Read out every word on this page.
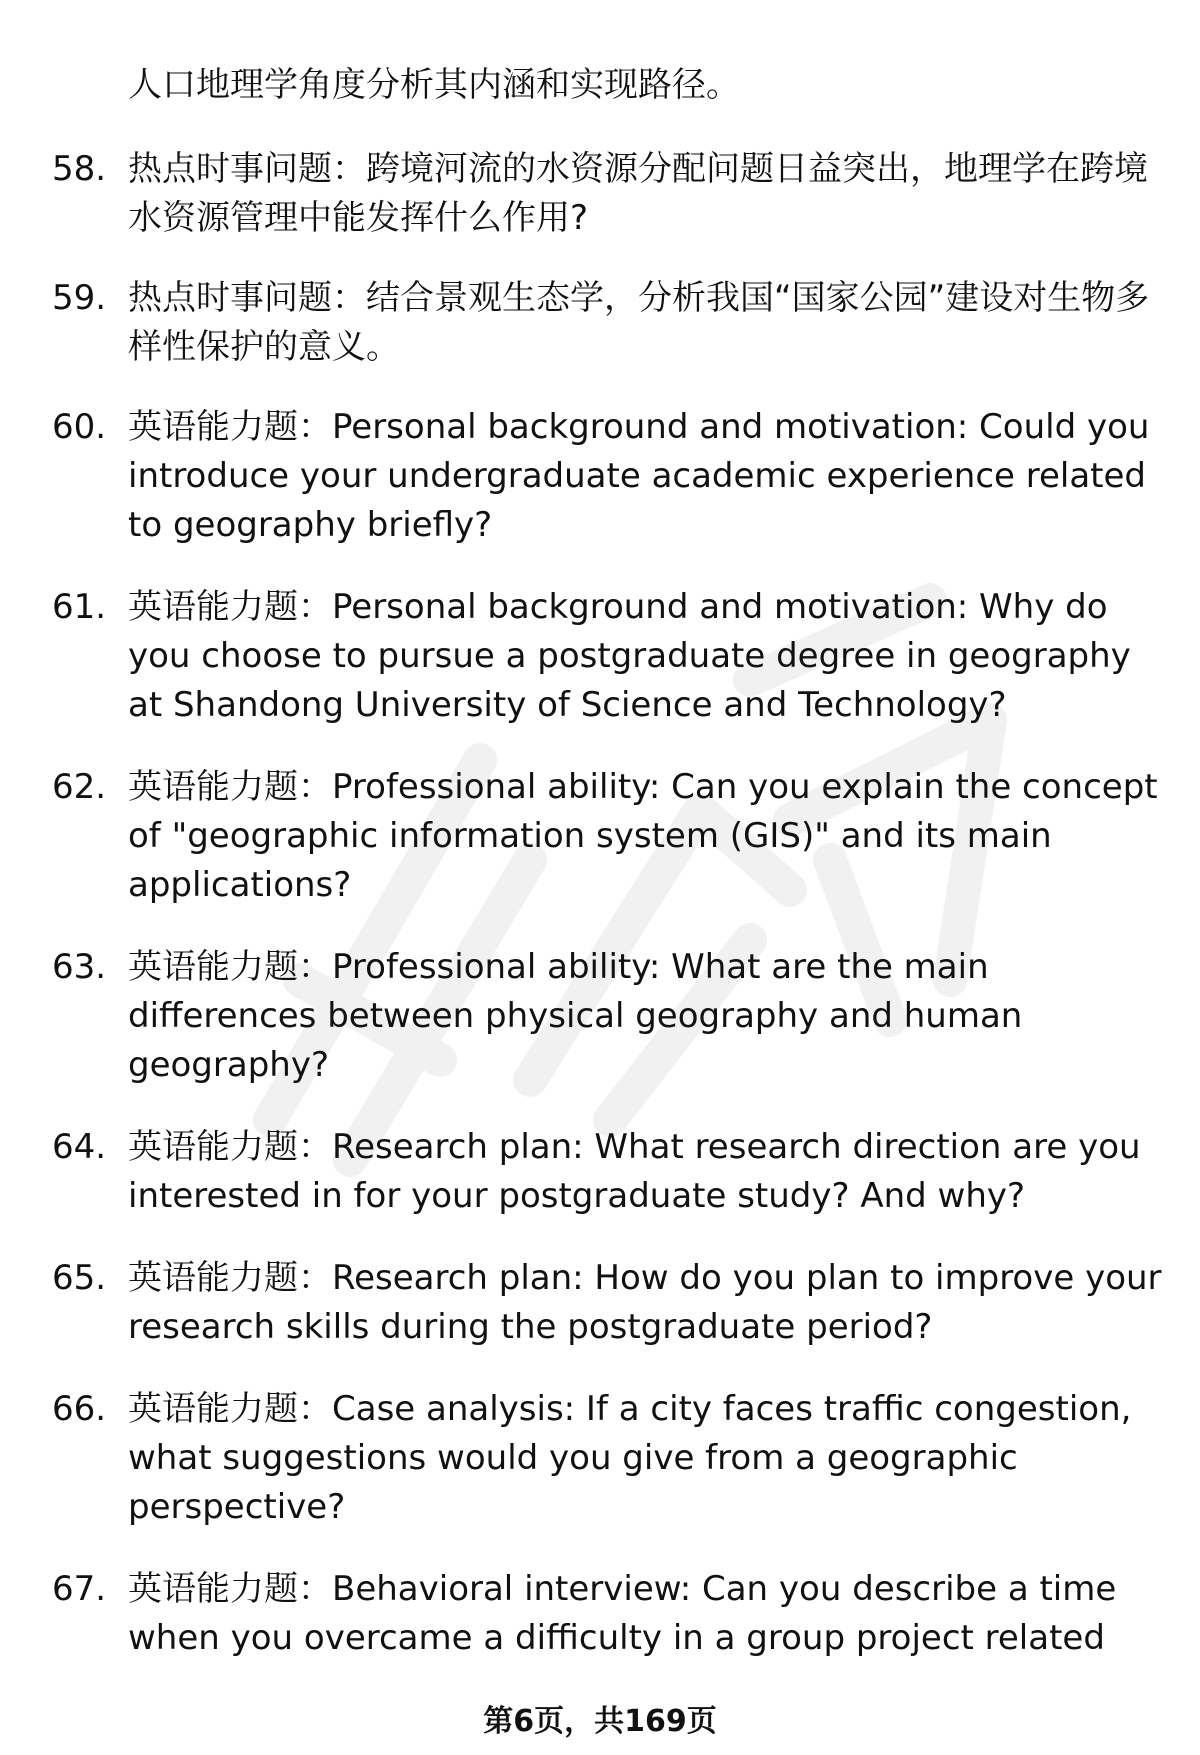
人口地理学角度分析其内涵和实现路径。
58. 热点时事问题：跨境河流的水资源分配问题日益突出，地理学在跨境水资源管理中能发挥什么作用?
59. 热点时事问题：结合景观生态学，分析我国“国家公园”建设对生物多样性保护的意义。
60. 英语能力题：Personal background and motivation: Could you introduce your undergraduate academic experience related to geography briefly?
61. 英语能力题：Personal background and motivation: Why do you choose to pursue a postgraduate degree in geography at Shandong University of Science and Technology?
62. 英语能力题：Professional ability: Can you explain the concept of "geographic information system (GIS)" and its main applications?
63. 英语能力题：Professional ability: What are the main differences between physical geography and human geography?
64. 英语能力题：Research plan: What research direction are you interested in for your postgraduate study? And why?
65. 英语能力题：Research plan: How do you plan to improve your research skills during the postgraduate period?
66. 英语能力题：Case analysis: If a city faces traffic congestion, what suggestions would you give from a geographic perspective?
67. 英语能力题：Behavioral interview: Can you describe a time when you overcame a difficulty in a group project related
第6页，共169页
